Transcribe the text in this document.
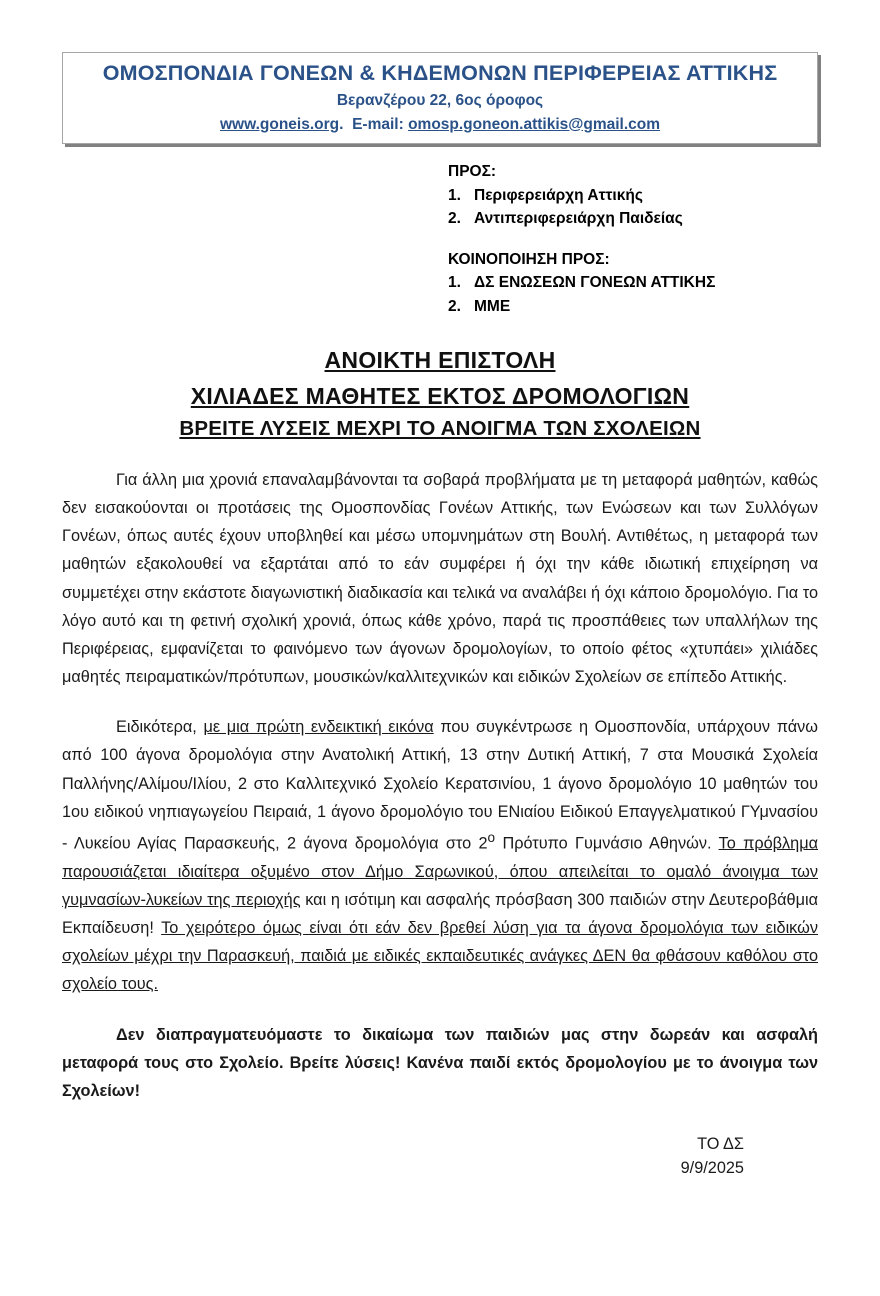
ΟΜΟΣΠΟΝΔΙΑ ΓΟΝΕΩΝ & ΚΗΔΕΜΟΝΩΝ ΠΕΡΙΦΕΡΕΙΑΣ ΑΤΤΙΚΗΣ
Βερανζέρου 22, 6ος όροφος
www.goneis.org. E-mail: omosp.goneon.attikis@gmail.com
ΠΡΟΣ:
1. Περιφερειάρχη Αττικής
2. Αντιπεριφερειάρχη Παιδείας
ΚΟΙΝΟΠΟΙΗΣΗ ΠΡΟΣ:
1. ΔΣ ΕΝΩΣΕΩΝ ΓΟΝΕΩΝ ΑΤΤΙΚΗΣ
2. ΜΜΕ
ΑΝΟΙΚΤΗ ΕΠΙΣΤΟΛΗ
ΧΙΛΙΑΔΕΣ ΜΑΘΗΤΕΣ ΕΚΤΟΣ ΔΡΟΜΟΛΟΓΙΩΝ
ΒΡΕΙΤΕ ΛΥΣΕΙΣ ΜΕΧΡΙ ΤΟ ΑΝΟΙΓΜΑ ΤΩΝ ΣΧΟΛΕΙΩΝ

Για άλλη μια χρονιά επαναλαμβάνονται τα σοβαρά προβλήματα με τη μεταφορά μαθητών, καθώς δεν εισακούονται οι προτάσεις της Ομοσπονδίας Γονέων Αττικής, των Ενώσεων και των Συλλόγων Γονέων, όπως αυτές έχουν υποβληθεί και μέσω υπομνημάτων στη Βουλή. Αντιθέτως, η μεταφορά των μαθητών εξακολουθεί να εξαρτάται από το εάν συμφέρει ή όχι την κάθε ιδιωτική επιχείρηση να συμμετέχει στην εκάστοτε διαγωνιστική διαδικασία και τελικά να αναλάβει ή όχι κάποιο δρομολόγιο. Για το λόγο αυτό και τη φετινή σχολική χρονιά, όπως κάθε χρόνο, παρά τις προσπάθειες των υπαλλήλων της Περιφέρειας, εμφανίζεται το φαινόμενο των άγονων δρομολογίων, το οποίο φέτος «χτυπάει» χιλιάδες μαθητές πειραματικών/πρότυπων, μουσικών/καλλιτεχνικών και ειδικών Σχολείων σε επίπεδο Αττικής.

Ειδικότερα, με μια πρώτη ενδεικτική εικόνα που συγκέντρωσε η Ομοσπονδία, υπάρχουν πάνω από 100 άγονα δρομολόγια στην Ανατολική Αττική, 13 στην Δυτική Αττική, 7 στα Μουσικά Σχολεία Παλλήνης/Αλίμου/Ιλίου, 2 στο Καλλιτεχνικό Σχολείο Κερατσινίου, 1 άγονο δρομολόγιο 10 μαθητών του 1ου ειδικού νηπιαγωγείου Πειραιά, 1 άγονο δρομολόγιο του ΕΝιαίου Ειδικού Επαγγελματικού ΓΥμνασίου - Λυκείου Αγίας Παρασκευής, 2 άγονα δρομολόγια στο $2^o$ Πρότυπο Γυμνάσιο Αθηνών. Το πρόβλημα παρουσιάζεται ιδιαίτερα οξυμένο στον Δήμο Σαρωνικού, όπου απειλείται το ομαλό άνοιγμα των γυμνασίων-λυκείων της περιοχής και η ισότιμη και ασφαλής πρόσβαση 300 παιδιών στην Δευτεροβάθμια Εκπαίδευση! Το χειρότερο όμως είναι ότι εάν δεν βρεθεί λύση για τα άγονα δρομολόγια των ειδικών σχολείων μέχρι την Παρασκευή, παιδιά με ειδικές εκπαιδευτικές ανάγκες ΔΕΝ θα φθάσουν καθόλου στο σχολείο τους.

Δεν διαπραγματευόμαστε το δικαίωμα των παιδιών μας στην δωρεάν και ασφαλή μεταφορά τους στο Σχολείο. Βρείτε λύσεις! Κανένα παιδί εκτός δρομολογίου με το άνοιγμα των Σχολείων!

ΤΟ ΔΣ
9/9/2025
